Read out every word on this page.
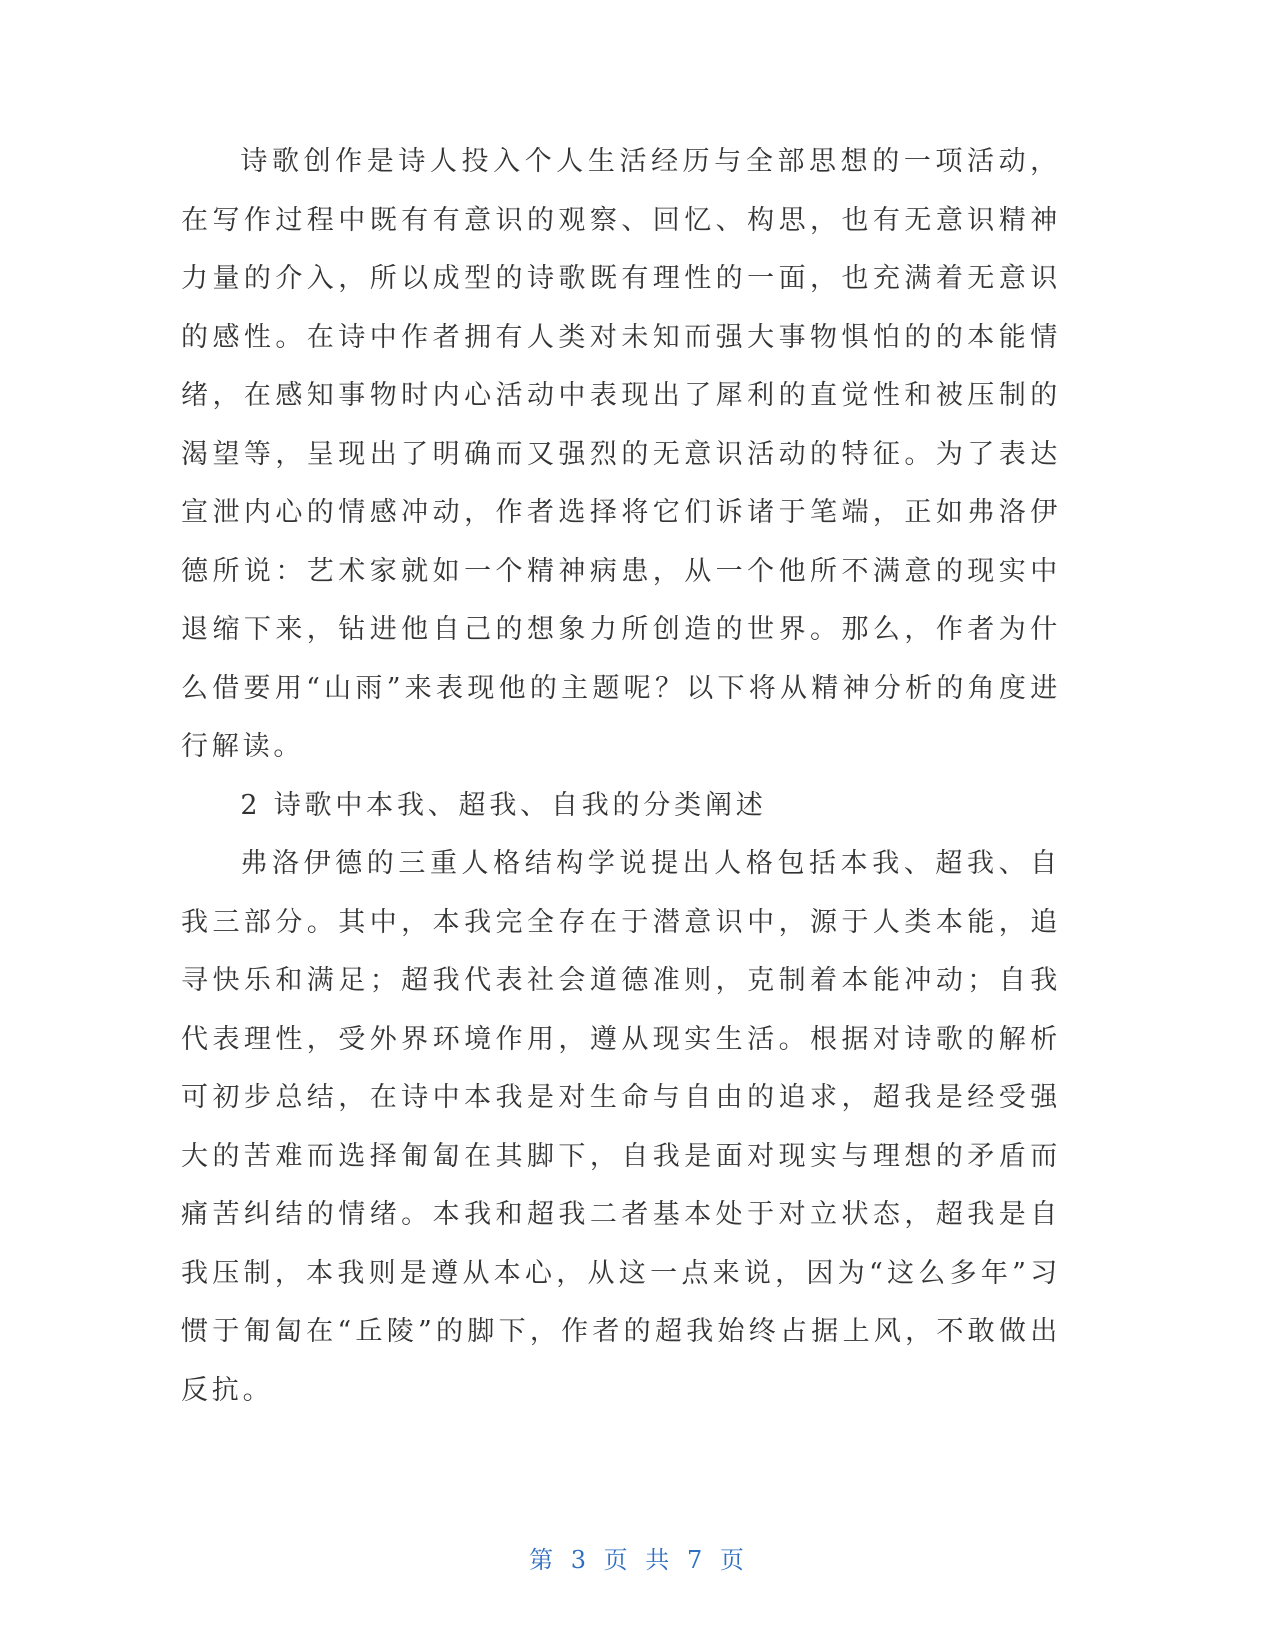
诗歌创作是诗人投入个人生活经历与全部思想的一项活动，在写作过程中既有有意识的观察、回忆、构思，也有无意识精神力量的介入，所以成型的诗歌既有理性的一面，也充满着无意识的感性。在诗中作者拥有人类对未知而强大事物惧怕的的本能情绪，在感知事物时内心活动中表现出了犀利的直觉性和被压制的渴望等，呈现出了明确而又强烈的无意识活动的特征。为了表达宣泄内心的情感冲动，作者选择将它们诉诸于笔端，正如弗洛伊德所说：艺术家就如一个精神病患，从一个他所不满意的现实中退缩下来，钻进他自己的想象力所创造的世界。那么，作者为什么借要用“山雨”来表现他的主题呢？以下将从精神分析的角度进行解读。

2 诗歌中本我、超我、自我的分类阐述

弗洛伊德的三重人格结构学说提出人格包括本我、超我、自我三部分。其中，本我完全存在于潜意识中，源于人类本能，追寻快乐和满足；超我代表社会道德准则，克制着本能冲动；自我代表理性，受外界环境作用，遵从现实生活。根据对诗歌的解析可初步总结，在诗中本我是对生命与自由的追求，超我是经受强大的苦难而选择匍匐在其脚下，自我是面对现实与理想的矛盾而痛苦纠结的情绪。本我和超我二者基本处于对立状态，超我是自我压制，本我则是遵从本心，从这一点来说，因为“这么多年”习惯于匍匐在“丘陵”的脚下，作者的超我始终占据上风，不敢做出反抗。

第 3 页 共 7 页
